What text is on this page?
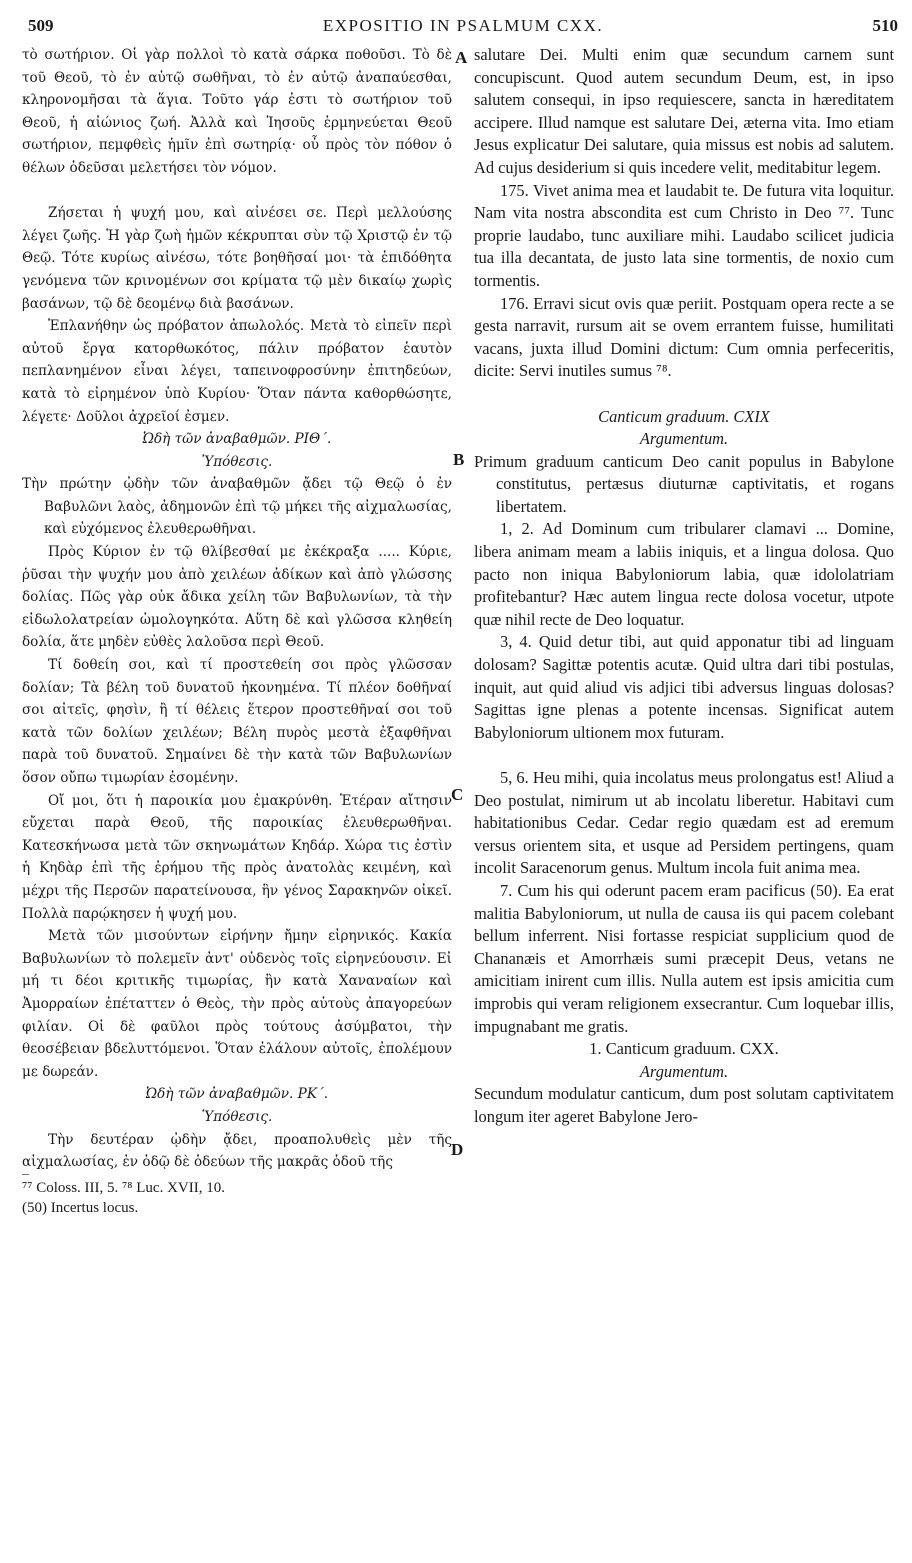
509	EXPOSITIO IN PSALMUM CXX.	510
A
B
C
D

τὸ σωτήριον. Οἱ γὰρ πολλοὶ τὸ κατὰ σάρκα ποθοῦσι. Τὸ δὲ τοῦ Θεοῦ, τὸ ἐν αὐτῷ σωθῆναι, τὸ ἐν αὐτῷ ἀναπαύεσθαι, κληρονομῆσαι τὰ ἅγια. Τοῦτο γάρ ἐστι τὸ σωτήριον τοῦ Θεοῦ, ἡ αἰώνιος ζωή. Ἀλλὰ καὶ Ἰησοῦς ἑρμηνεύεται Θεοῦ σωτήριον, πεμφθεὶς ἡμῖν ἐπὶ σωτηρίᾳ· οὗ πρὸς τὸν πόθον ὁ θέλων ὁδεῦσαι μελετήσει τὸν νόμον.

Ζήσεται ἡ ψυχή μου, καὶ αἰνέσει σε. Περὶ μελλούσης λέγει ζωῆς. Ἡ γὰρ ζωὴ ἡμῶν κέκρυπται σὺν τῷ Χριστῷ ἐν τῷ Θεῷ. Τότε κυρίως αἰνέσω, τότε βοηθῆσαί μοι· τὰ ἐπιδόθητα γενόμενα τῶν κρινομένων σοι κρίματα τῷ μὲν δικαίῳ χωρὶς βασάνων, τῷ δὲ δεομένῳ διὰ βασάνων.

Ἐπλανήθην ὡς πρόβατον ἀπωλολός. Μετὰ τὸ εἰπεῖν περὶ αὐτοῦ ἔργα κατορθωκότος, πάλιν πρόβατον ἑαυτὸν πεπλανημένον εἶναι λέγει, ταπεινοφροσύνην ἐπιτηδεύων, κατὰ τὸ εἰρημένον ὑπὸ Κυρίου· Ὅταν πάντα καθορθώσητε, λέγετε· Δοῦλοι ἀχρεῖοί ἐσμεν.

Ὠδὴ τῶν ἀναβαθμῶν. ΡΙΘ΄.

Ὑπόθεσις.

Τὴν πρώτην ᾠδὴν τῶν ἀναβαθμῶν ᾄδει τῷ Θεῷ ὁ ἐν Βαβυλῶνι λαὸς, ἀδημονῶν ἐπὶ τῷ μήκει τῆς αἰχμαλωσίας, καὶ εὐχόμενος ἐλευθερωθῆναι.

Πρὸς Κύριον ἐν τῷ θλίβεσθαί με ἐκέκραξα ..... Κύριε, ῥῦσαι τὴν ψυχήν μου ἀπὸ χειλέων ἀδίκων καὶ ἀπὸ γλώσσης δολίας. Πῶς γὰρ οὐκ ἄδικα χείλη τῶν Βαβυλωνίων, τὰ τὴν εἰδωλολατρείαν ὡμολογηκότα. Αὕτη δὲ καὶ γλῶσσα κληθείη δολία, ἅτε μηδὲν εὐθὲς λαλοῦσα περὶ Θεοῦ.

Τί δοθείη σοι, καὶ τί προστεθείη σοι πρὸς γλῶσσαν δολίαν; Τὰ βέλη τοῦ δυνατοῦ ἠκονημένα. Τί πλέον δοθῆναί σοι αἰτεῖς, φησὶν, ἢ τί θέλεις ἕτερον προστεθῆναί σοι τοῦ κατὰ τῶν δολίων χειλέων; Βέλη πυρὸς μεστὰ ἐξαφθῆναι παρὰ τοῦ δυνατοῦ. Σημαίνει δὲ τὴν κατὰ τῶν Βαβυλωνίων ὅσον οὔπω τιμωρίαν ἐσομένην.

Οἴ μοι, ὅτι ἡ παροικία μου ἐμακρύνθη. Ἑτέραν αἴτησιν εὔχεται παρὰ Θεοῦ, τῆς παροικίας ἐλευθερωθῆναι. Κατεσκήνωσα μετὰ τῶν σκηνωμάτων Κηδάρ. Χώρα τις ἐστὶν ἡ Κηδὰρ ἐπὶ τῆς ἐρήμου τῆς πρὸς ἀνατολὰς κειμένη, καὶ μέχρι τῆς Περσῶν παρατείνουσα, ἣν γένος Σαρακηνῶν οἰκεῖ. Πολλὰ παρῴκησεν ἡ ψυχή μου.

Μετὰ τῶν μισούντων εἰρήνην ἤμην εἰρηνικός. Κακία Βαβυλωνίων τὸ πολεμεῖν ἀντ' οὐδενὸς τοῖς εἰρηνεύουσιν. Εἰ μή τι δέοι κριτικῆς τιμωρίας, ἣν κατὰ Χαναναίων καὶ Ἀμορραίων ἐπέταττεν ὁ Θεὸς, τὴν πρὸς αὐτοὺς ἀπαγορεύων φιλίαν. Οἱ δὲ φαῦλοι πρὸς τούτους ἀσύμβατοι, τὴν θεοσέβειαν βδελυττόμενοι. Ὅταν ἐλάλουν αὐτοῖς, ἐπολέμουν με δωρεάν.

Ὠδὴ τῶν ἀναβαθμῶν. ΡΚ΄.

Ὑπόθεσις.

Τὴν δευτέραν ᾠδὴν ᾄδει, προαπολυθεὶς μὲν τῆς αἰχμαλωσίας, ἐν ὁδῷ δὲ ὁδεύων τῆς μακρᾶς ὁδοῦ τῆς

⁷⁷ Coloss. III, 5. ⁷⁸ Luc. XVII, 10.

(50) Incertus locus.

salutare Dei. Multi enim quæ secundum carnem sunt concupiscunt. Quod autem secundum Deum, est, in ipso salutem consequi, in ipso requiescere, sancta in hæreditatem accipere. Illud namque est salutare Dei, æterna vita. Imo etiam Jesus explicatur Dei salutare, quia missus est nobis ad salutem. Ad cujus desiderium si quis incedere velit, meditabitur legem.

175. Vivet anima mea et laudabit te. De futura vita loquitur. Nam vita nostra abscondita est cum Christo in Deo ⁷⁷. Tunc proprie laudabo, tunc auxiliare mihi. Laudabo scilicet judicia tua illa decantata, de justo lata sine tormentis, de noxio cum tormentis.

176. Erravi sicut ovis quæ periit. Postquam opera recte a se gesta narravit, rursum ait se ovem errantem fuisse, humilitati vacans, juxta illud Domini dictum: Cum omnia perfeceritis, dicite: Servi inutiles sumus ⁷⁸.

Canticum graduum. CXIX

Argumentum.

Primum graduum canticum Deo canit populus in Babylone constitutus, pertæsus diuturnæ captivitatis, et rogans libertatem.

1, 2. Ad Dominum cum tribularer clamavi ... Domine, libera animam meam a labiis iniquis, et a lingua dolosa. Quo pacto non iniqua Babyloniorum labia, quæ idololatriam profitebantur? Hæc autem lingua recte dolosa vocetur, utpote quæ nihil recte de Deo loquatur.

3, 4. Quid detur tibi, aut quid apponatur tibi ad linguam dolosam? Sagittæ potentis acutæ. Quid ultra dari tibi postulas, inquit, aut quid aliud vis adjici tibi adversus linguas dolosas? Sagittas igne plenas a potente incensas. Significat autem Babyloniorum ultionem mox futuram.

5, 6. Heu mihi, quia incolatus meus prolongatus est! Aliud a Deo postulat, nimirum ut ab incolatu liberetur. Habitavi cum habitationibus Cedar. Cedar regio quædam est ad eremum versus orientem sita, et usque ad Persidem pertingens, quam incolit Saracenorum genus. Multum incola fuit anima mea.

7. Cum his qui oderunt pacem eram pacificus (50). Ea erat malitia Babyloniorum, ut nulla de causa iis qui pacem colebant bellum inferrent. Nisi fortasse respiciat supplicium quod de Chananæis et Amorrhæis sumi præcepit Deus, vetans ne amicitiam inirent cum illis. Nulla autem est ipsis amicitia cum improbis qui veram religionem exsecrantur. Cum loquebar illis, impugnabant me gratis.

1. Canticum graduum. CXX.

Argumentum.

Secundum modulatur canticum, dum post solutam captivitatem longum iter ageret Babylone Jero-
